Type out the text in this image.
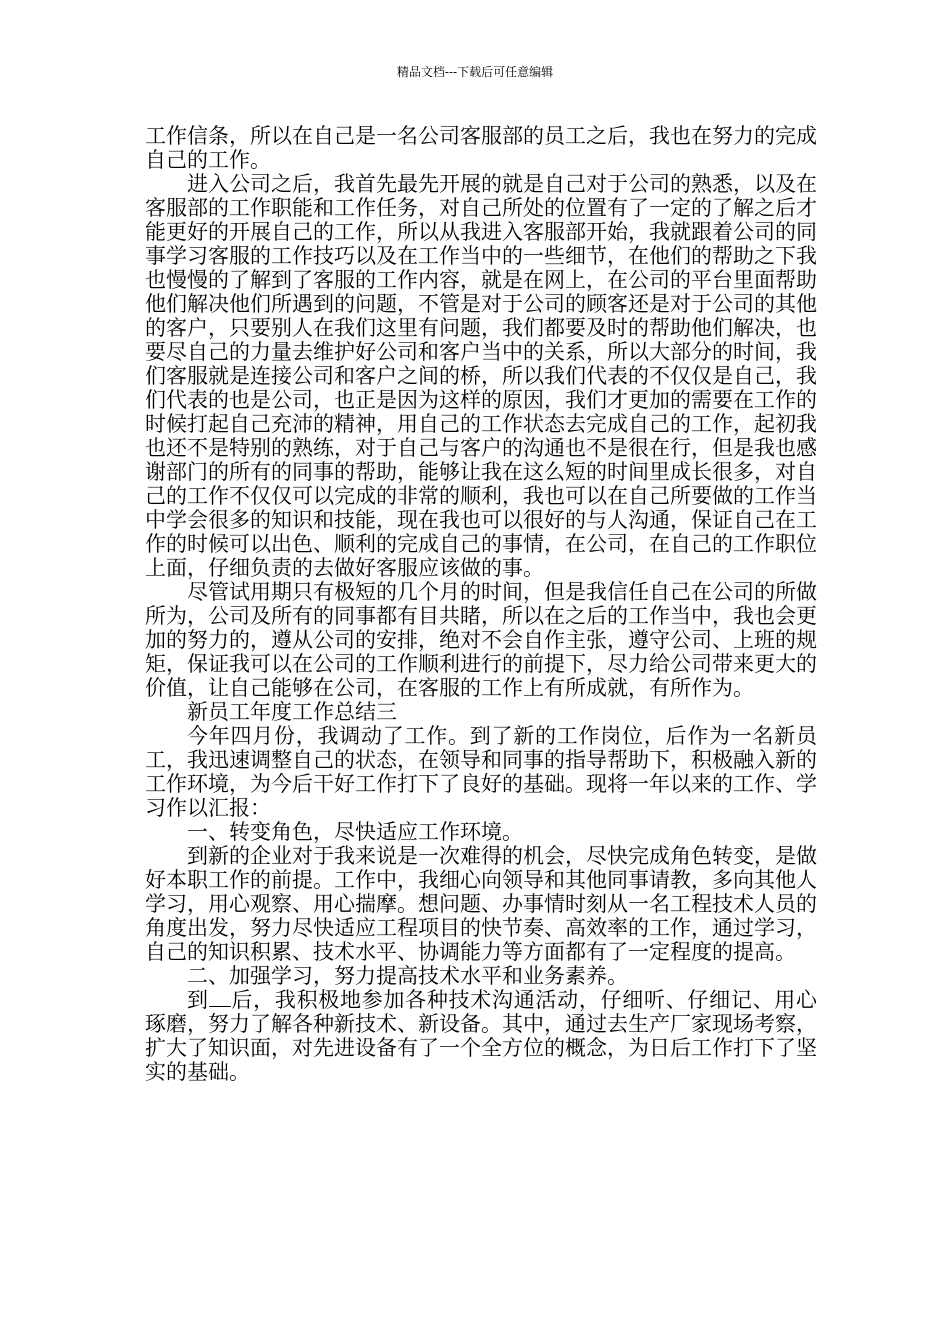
精品文档---下载后可任意编辑

工作信条，所以在自己是一名公司客服部的员工之后，我也在努力的完成自己的工作。

进入公司之后，我首先最先开展的就是自己对于公司的熟悉，以及在客服部的工作职能和工作任务，对自己所处的位置有了一定的了解之后才能更好的开展自己的工作，所以从我进入客服部开始，我就跟着公司的同事学习客服的工作技巧以及在工作当中的一些细节，在他们的帮助之下我也慢慢的了解到了客服的工作内容，就是在网上，在公司的平台里面帮助他们解决他们所遇到的问题，不管是对于公司的顾客还是对于公司的其他的客户，只要别人在我们这里有问题，我们都要及时的帮助他们解决，也要尽自己的力量去维护好公司和客户当中的关系，所以大部分的时间，我们客服就是连接公司和客户之间的桥，所以我们代表的不仅仅是自己，我们代表的也是公司，也正是因为这样的原因，我们才更加的需要在工作的时候打起自己充沛的精神，用自己的工作状态去完成自己的工作，起初我也还不是特别的熟练，对于自己与客户的沟通也不是很在行，但是我也感谢部门的所有的同事的帮助，能够让我在这么短的时间里成长很多，对自己的工作不仅仅可以完成的非常的顺利，我也可以在自己所要做的工作当中学会很多的知识和技能，现在我也可以很好的与人沟通，保证自己在工作的时候可以出色、顺利的完成自己的事情，在公司，在自己的工作职位上面，仔细负责的去做好客服应该做的事。

尽管试用期只有极短的几个月的时间，但是我信任自己在公司的所做所为，公司及所有的同事都有目共睹，所以在之后的工作当中，我也会更加的努力的，遵从公司的安排，绝对不会自作主张，遵守公司、上班的规矩，保证我可以在公司的工作顺利进行的前提下，尽力给公司带来更大的价值，让自己能够在公司，在客服的工作上有所成就，有所作为。

新员工年度工作总结三

今年四月份，我调动了工作。到了新的工作岗位，后作为一名新员工，我迅速调整自己的状态，在领导和同事的指导帮助下，积极融入新的工作环境，为今后干好工作打下了良好的基础。现将一年以来的工作、学习作以汇报：

一、转变角色，尽快适应工作环境。

到新的企业对于我来说是一次难得的机会，尽快完成角色转变，是做好本职工作的前提。工作中，我细心向领导和其他同事请教，多向其他人学习，用心观察、用心揣摩。想问题、办事情时刻从一名工程技术人员的角度出发，努力尽快适应工程项目的快节奏、高效率的工作，通过学习，自己的知识积累、技术水平、协调能力等方面都有了一定程度的提高。

二、加强学习，努力提高技术水平和业务素养。

到 后，我积极地参加各种技术沟通活动，仔细听、仔细记、用心琢磨，努力了解各种新技术、新设备。其中，通过去生产厂家现场考察，扩大了知识面，对先进设备有了一个全方位的概念，为日后工作打下了坚实的基础。
